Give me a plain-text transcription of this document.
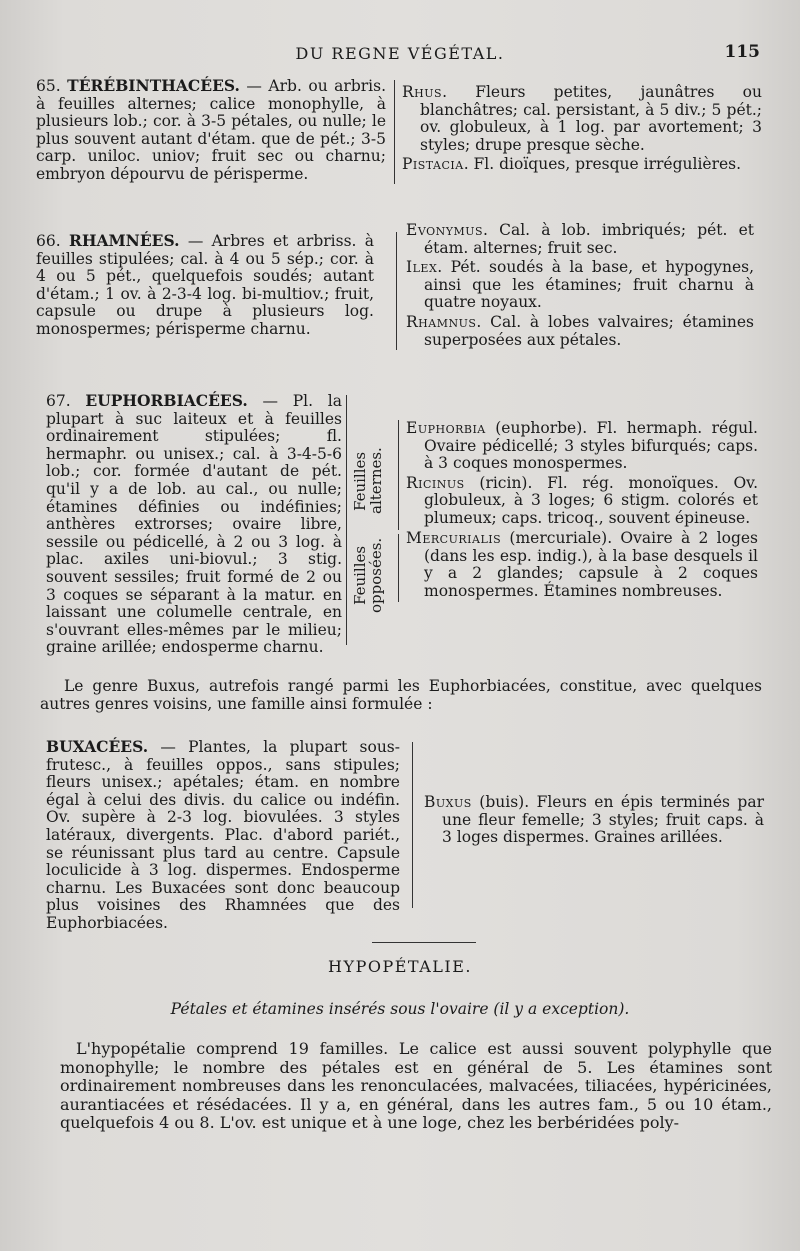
DU REGNE VÉGÉTAL.	115
65. TÉRÉBINTHACÉES. — Arb. ou arbris. à feuilles alternes; calice monophylle, à plusieurs lob.; cor. à 3-5 pétales, ou nulle; le plus souvent autant d'étam. que de pét.; 3-5 carp. uniloc. uniov; fruit sec ou charnu; embryon dépourvu de périsperme.

Rhus. Fleurs petites, jaunâtres ou blanchâtres; cal. persistant, à 5 div.; 5 pét.; ov. globuleux, à 1 log. par avortement; 3 styles; drupe presque sèche.

Pistacia. Fl. dioïques, presque irrégulières.

66. RHAMNÉES. — Arbres et arbriss. à feuilles stipulées; cal. à 4 ou 5 sép.; cor. à 4 ou 5 pét., quelquefois soudés; autant d'étam.; 1 ov. à 2-3-4 log. bi-multiov.; fruit, capsule ou drupe à plusieurs log. monospermes; périsperme charnu.

Evonymus. Cal. à lob. imbriqués; pét. et étam. alternes; fruit sec.

Ilex. Pét. soudés à la base, et hypogynes, ainsi que les étamines; fruit charnu à quatre noyaux.

Rhamnus. Cal. à lobes valvaires; étamines superposées aux pétales.

67. EUPHORBIACÉES. — Pl. la plupart à suc laiteux et à feuilles ordinairement stipulées; fl. hermaphr. ou unisex.; cal. à 3-4-5-6 lob.; cor. formée d'autant de pét. qu'il y a de lob. au cal., ou nulle; étamines définies ou indéfinies; anthères extrorses; ovaire libre, sessile ou pédicellé, à 2 ou 3 log. à plac. axiles uni-biovul.; 3 stig. souvent sessiles; fruit formé de 2 ou 3 coques se séparant à la matur. en laissant une columelle centrale, en s'ouvrant elles-mêmes par le milieu; graine arillée; endosperme charnu.
Feuilles alternes.
Feuilles opposées.

Euphorbia (euphorbe). Fl. hermaph. régul. Ovaire pédicellé; 3 styles bifurqués; caps. à 3 coques monospermes.

Ricinus (ricin). Fl. rég. monoïques. Ov. globuleux, à 3 loges; 6 stigm. colorés et plumeux; caps. tricoq., souvent épineuse.

Mercurialis (mercuriale). Ovaire à 2 loges (dans les esp. indig.), à la base desquels il y a 2 glandes; capsule à 2 coques monospermes. Étamines nombreuses.

Le genre Buxus, autrefois rangé parmi les Euphorbiacées, constitue, avec quelques autres genres voisins, une famille ainsi formulée :
BUXACÉES. — Plantes, la plupart sous-frutesc., à feuilles oppos., sans stipules; fleurs unisex.; apétales; étam. en nombre égal à celui des divis. du calice ou indéfin. Ov. supère à 2-3 log. biovulées. 3 styles latéraux, divergents. Plac. d'abord pariét., se réunissant plus tard au centre. Capsule loculicide à 3 log. dispermes. Endosperme charnu. Les Buxacées sont donc beaucoup plus voisines des Rhamnées que des Euphorbiacées.

Buxus (buis). Fleurs en épis terminés par une fleur femelle; 3 styles; fruit caps. à 3 loges dispermes. Graines arillées.

HYPOPÉTALIE.
Pétales et étamines insérés sous l'ovaire (il y a exception).
L'hypopétalie comprend 19 familles. Le calice est aussi souvent polyphylle que monophylle; le nombre des pétales est en général de 5. Les étamines sont ordinairement nombreuses dans les renonculacées, malvacées, tiliacées, hypéricinées, aurantiacées et résédacées. Il y a, en général, dans les autres fam., 5 ou 10 étam., quelquefois 4 ou 8. L'ov. est unique et à une loge, chez les berbéridées poly-
